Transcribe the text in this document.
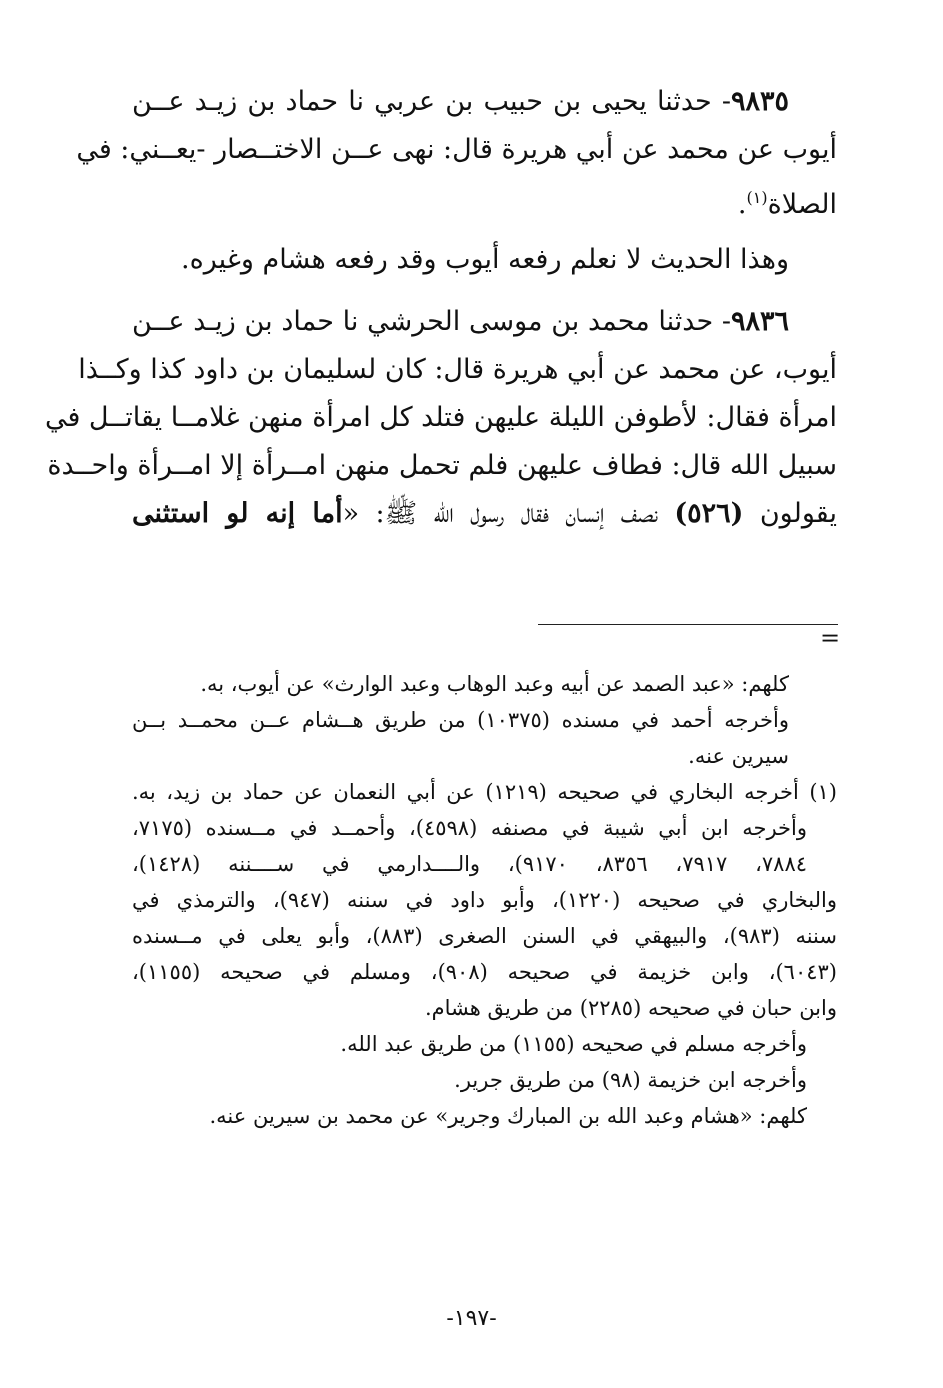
٩٨٣٥- حدثنا يحيى بن حبيب بن عربي نا حماد بن زيـد عــن
أيوب عن محمد عن أبي هريرة قال: نهى عــن الاختــصار -يعــني: في
الصلاة$^{(١)}$.
وهذا الحديث لا نعلم رفعه أيوب وقد رفعه هشام وغيره.
٩٨٣٦- حدثنا محمد بن موسى الحرشي نا حماد بن زيـد عــن
أيوب، عن محمد عن أبي هريرة قال: كان لسليمان بن داود كذا وكــذا
امرأة فقال: لأطوفن الليلة عليهن فتلد كل امرأة منهن غلامــا يقاتــل في
سبيل الله قال: فطاف عليهن فلم تحمل منهن امــرأة إلا امــرأة واحــدة
يقولون (٥٢٦) نصف إنسان فقال رسول الله ﷺ: «أما إنه لو استثنى
=
كلهم: «عبد الصمد عن أبيه وعبد الوهاب وعبد الوارث» عن أيوب، به.
وأخرجه أحمد في مسنده (١٠٣٧٥) من طريق هــشام عــن محمــد بــن
سيرين عنه.
(١) أخرجه البخاري في صحيحه (١٢١٩) عن أبي النعمان عن حماد بن زيد، به.
وأخرجه ابن أبي شيبة في مصنفه (٤٥٩٨)، وأحمــد في مــسنده (٧١٧٥،
٧٨٨٤، ٧٩١٧، ٨٣٥٦، ٩١٧٠)، والــــدارمي في ســــننه (١٤٢٨)،
والبخاري في صحيحه (١٢٢٠)، وأبو داود في سننه (٩٤٧)، والترمذي في
سننه (٩٨٣)، والبيهقي في السنن الصغرى (٨٨٣)، وأبو يعلى في مــسنده
(٦٠٤٣)، وابن خزيمة في صحيحه (٩٠٨)، ومسلم في صحيحه (١١٥٥)،
وابن حبان في صحيحه (٢٢٨٥) من طريق هشام.
وأخرجه مسلم في صحيحه (١١٥٥) من طريق عبد الله.
وأخرجه ابن خزيمة (٩٨) من طريق جرير.
كلهم: «هشام وعبد الله بن المبارك وجرير» عن محمد بن سيرين عنه.
-١٩٧-
